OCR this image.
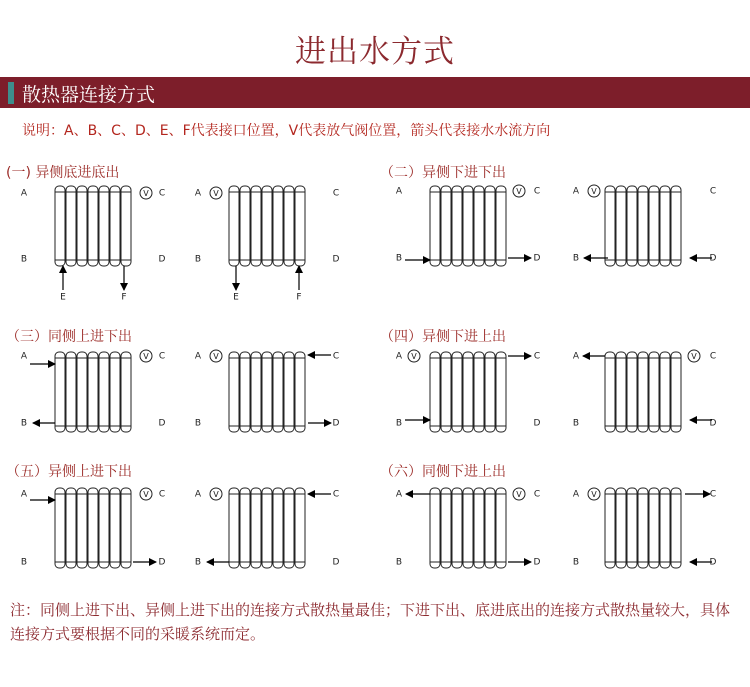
进出水方式
散热器连接方式
说明：A、B、C、D、E、F代表接口位置，V代表放气阀位置，箭头代表接水水流方向
(一) 异侧底进底出	（二）异侧下进下出
（三）同侧上进下出	（四）异侧下进上出
（五）异侧上进下出	（六）同侧下进上出
A
B
C
D
V
E	F
A
B
C
D
V
E	F
A
B
C
D
V	A
B
C
D
V
A
B
C
D
V	A
B
C
D
V	A
B
C
D
V	A
B
C
D
V
A
B
C
D
V	A
B
C
D
V	A
B
C
D
V	A
B
C
D
V
注：同侧上进下出、异侧上进下出的连接方式散热量最佳；下进下出、底进底出的连接方式散热量较大，具体连接方式要根据不同的采暖系统而定。
